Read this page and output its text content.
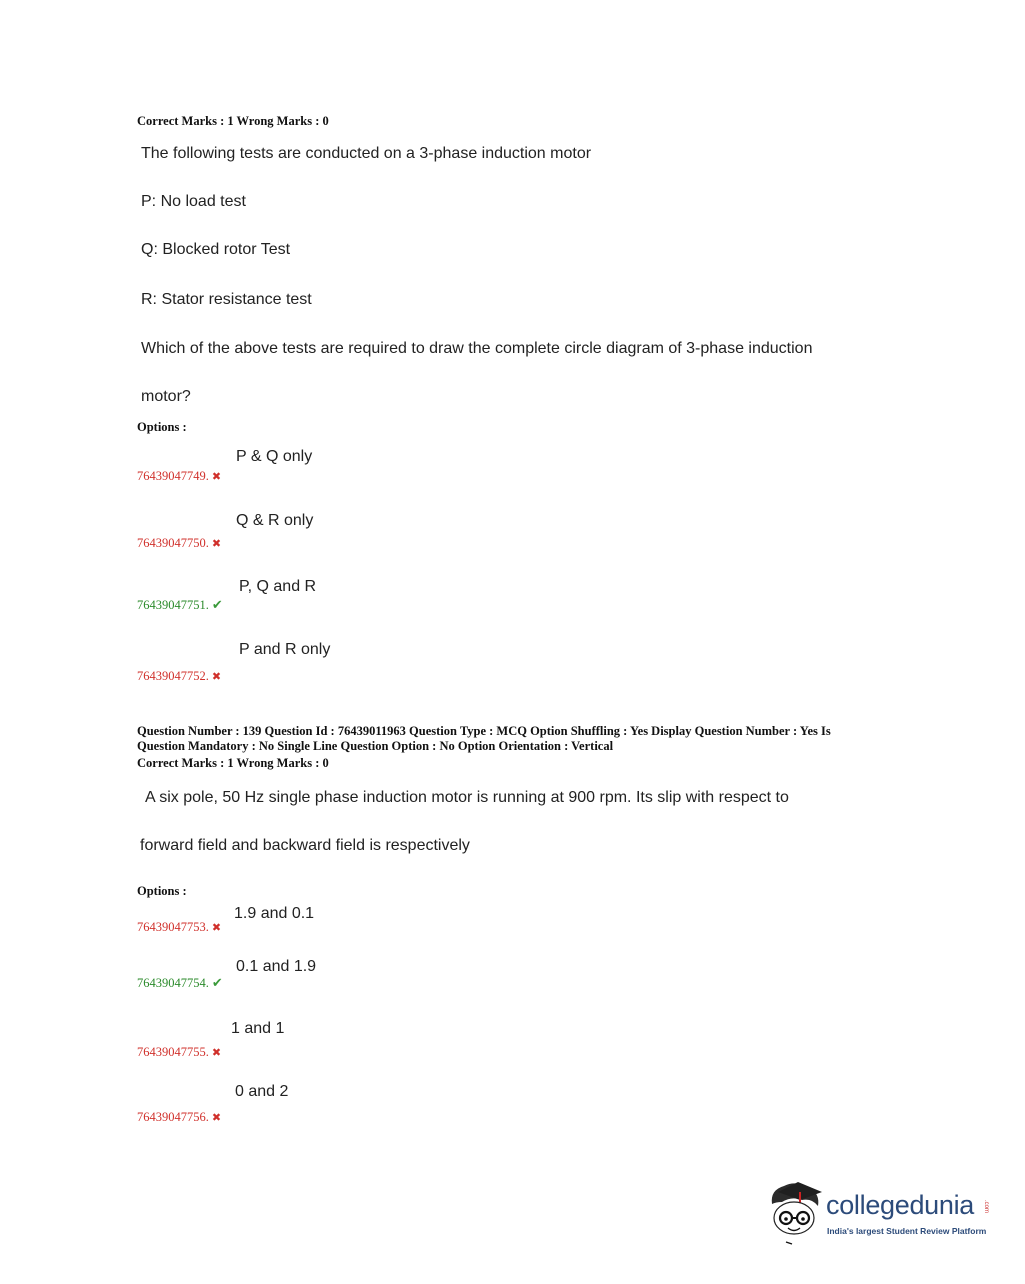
Correct Marks : 1 Wrong Marks : 0
The following tests are conducted on a 3-phase induction motor
P: No load test
Q: Blocked rotor Test
R: Stator resistance test
Which of the above tests are required to draw the complete circle diagram of 3-phase induction
motor?
Options :
P & Q only
76439047749. ✖
Q & R only
76439047750. ✖
P, Q and R
76439047751. ✔
P and R only
76439047752. ✖
Question Number : 139 Question Id : 76439011963 Question Type : MCQ Option Shuffling : Yes Display Question Number : Yes Is
Question Mandatory : No Single Line Question Option : No Option Orientation : Vertical
Correct Marks : 1 Wrong Marks : 0
A six pole, 50 Hz single phase induction motor is running at 900 rpm. Its slip with respect to
forward field and backward field is respectively
Options :
1.9 and 0.1
76439047753. ✖
0.1 and 1.9
76439047754. ✔
1 and 1
76439047755. ✖
0 and 2
76439047756. ✖
collegedunia .com
India's largest Student Review Platform
